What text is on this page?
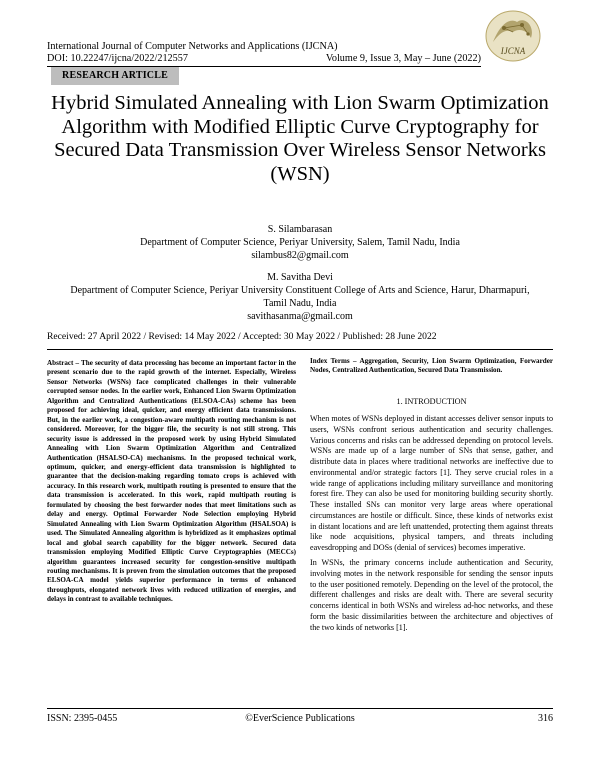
International Journal of Computer Networks and Applications (IJCNA)
DOI: 10.22247/ijcna/2022/212557	Volume 9, Issue 3, May – June (2022)
IJCNA
RESEARCH ARTICLE
Hybrid Simulated Annealing with Lion Swarm Optimization Algorithm with Modified Elliptic Curve Cryptography for Secured Data Transmission Over Wireless Sensor Networks (WSN)
S. Silambarasan
Department of Computer Science, Periyar University, Salem, Tamil Nadu, India
silambus82@gmail.com
M. Savitha Devi
Department of Computer Science, Periyar University Constituent College of Arts and Science, Harur, Dharmapuri,
Tamil Nadu, India
savithasanma@gmail.com
Received: 27 April 2022 / Revised: 14 May 2022 / Accepted: 30 May 2022 / Published: 28 June 2022

Abstract – The security of data processing has become an important factor in the present scenario due to the rapid growth of the internet. Especially, Wireless Sensor Networks (WSNs) face complicated challenges in their vulnerable corrupted sensor nodes. In the earlier work, Enhanced Lion Swarm Optimization Algorithm and Centralized Authentications (ELSOA-CAs) scheme has been proposed for achieving ideal, quicker, and energy efficient data transmissions. But, in the earlier work, a congestion-aware multipath routing mechanism is not considered. Moreover, for the bigger file, the security is not still strong. This security issue is addressed in the proposed work by using Hybrid Simulated Annealing with Lion Swarm Optimization Algorithm and Centralized Authentication (HSALSO-CA) mechanisms. In the proposed technical work, optimum, quicker, and energy-efficient data transmission is highlighted to guarantee that the decision-making regarding tomato crops is achieved with accuracy. In this research work, multipath routing is presented to ensure that the data transmission is accelerated. In this work, rapid multipath routing is formulated by choosing the best forwarder nodes that meet limitations such as delay and energy. Optimal Forwarder Node Selection employing Hybrid Simulated Annealing with Lion Swarm Optimization Algorithm (HSALSOA) is used. The Simulated Annealing algorithm is hybridized as it emphasizes optimal local and global search capability for the bigger network. Secured data transmission employing Modified Elliptic Curve Cryptographies (MECCs) algorithm guarantees increased security for congestion-sensitive multipath routing mechanisms. It is proven from the simulation outcomes that the proposed ELSOA-CA model yields superior performance in terms of enhanced throughputs, elongated network lives with reduced utilization of energies, and delays in contrast to available techniques.

Index Terms – Aggregation, Security, Lion Swarm Optimization, Forwarder Nodes, Centralized Authentication, Secured Data Transmission.

1. INTRODUCTION

When motes of WSNs deployed in distant accesses deliver sensor inputs to users, WSNs confront serious authentication and security challenges. Various concerns and risks can be addressed depending on protocol levels. WSNs are made up of a large number of SNs that sense, gather, and distribute data in places where traditional networks are ineffective due to environmental and/or strategic factors [1]. They serve crucial roles in a wide range of applications including military surveillance and monitoring forest fire. They can also be used for monitoring building security shortly. These installed SNs can monitor very large areas where operational circumstances are hostile or difficult. Since, these kinds of networks exist in distant locations and are left unattended, protecting them against threats like node acquisitions, physical tampers, and threats including eavesdropping and DOSs (denial of services) becomes imperative.

In WSNs, the primary concerns include authentication and Security, involving motes in the network responsible for sending the sensor inputs to the user positioned remotely. Depending on the level of the protocol, the different challenges and risks are dealt with. There are several security concerns identical in both WSNs and wireless ad-hoc networks, and these form the basic dissimilarities between the architecture and objectives of the two kinds of networks [1].

ISSN: 2395-0455	©EverScience Publications	316
